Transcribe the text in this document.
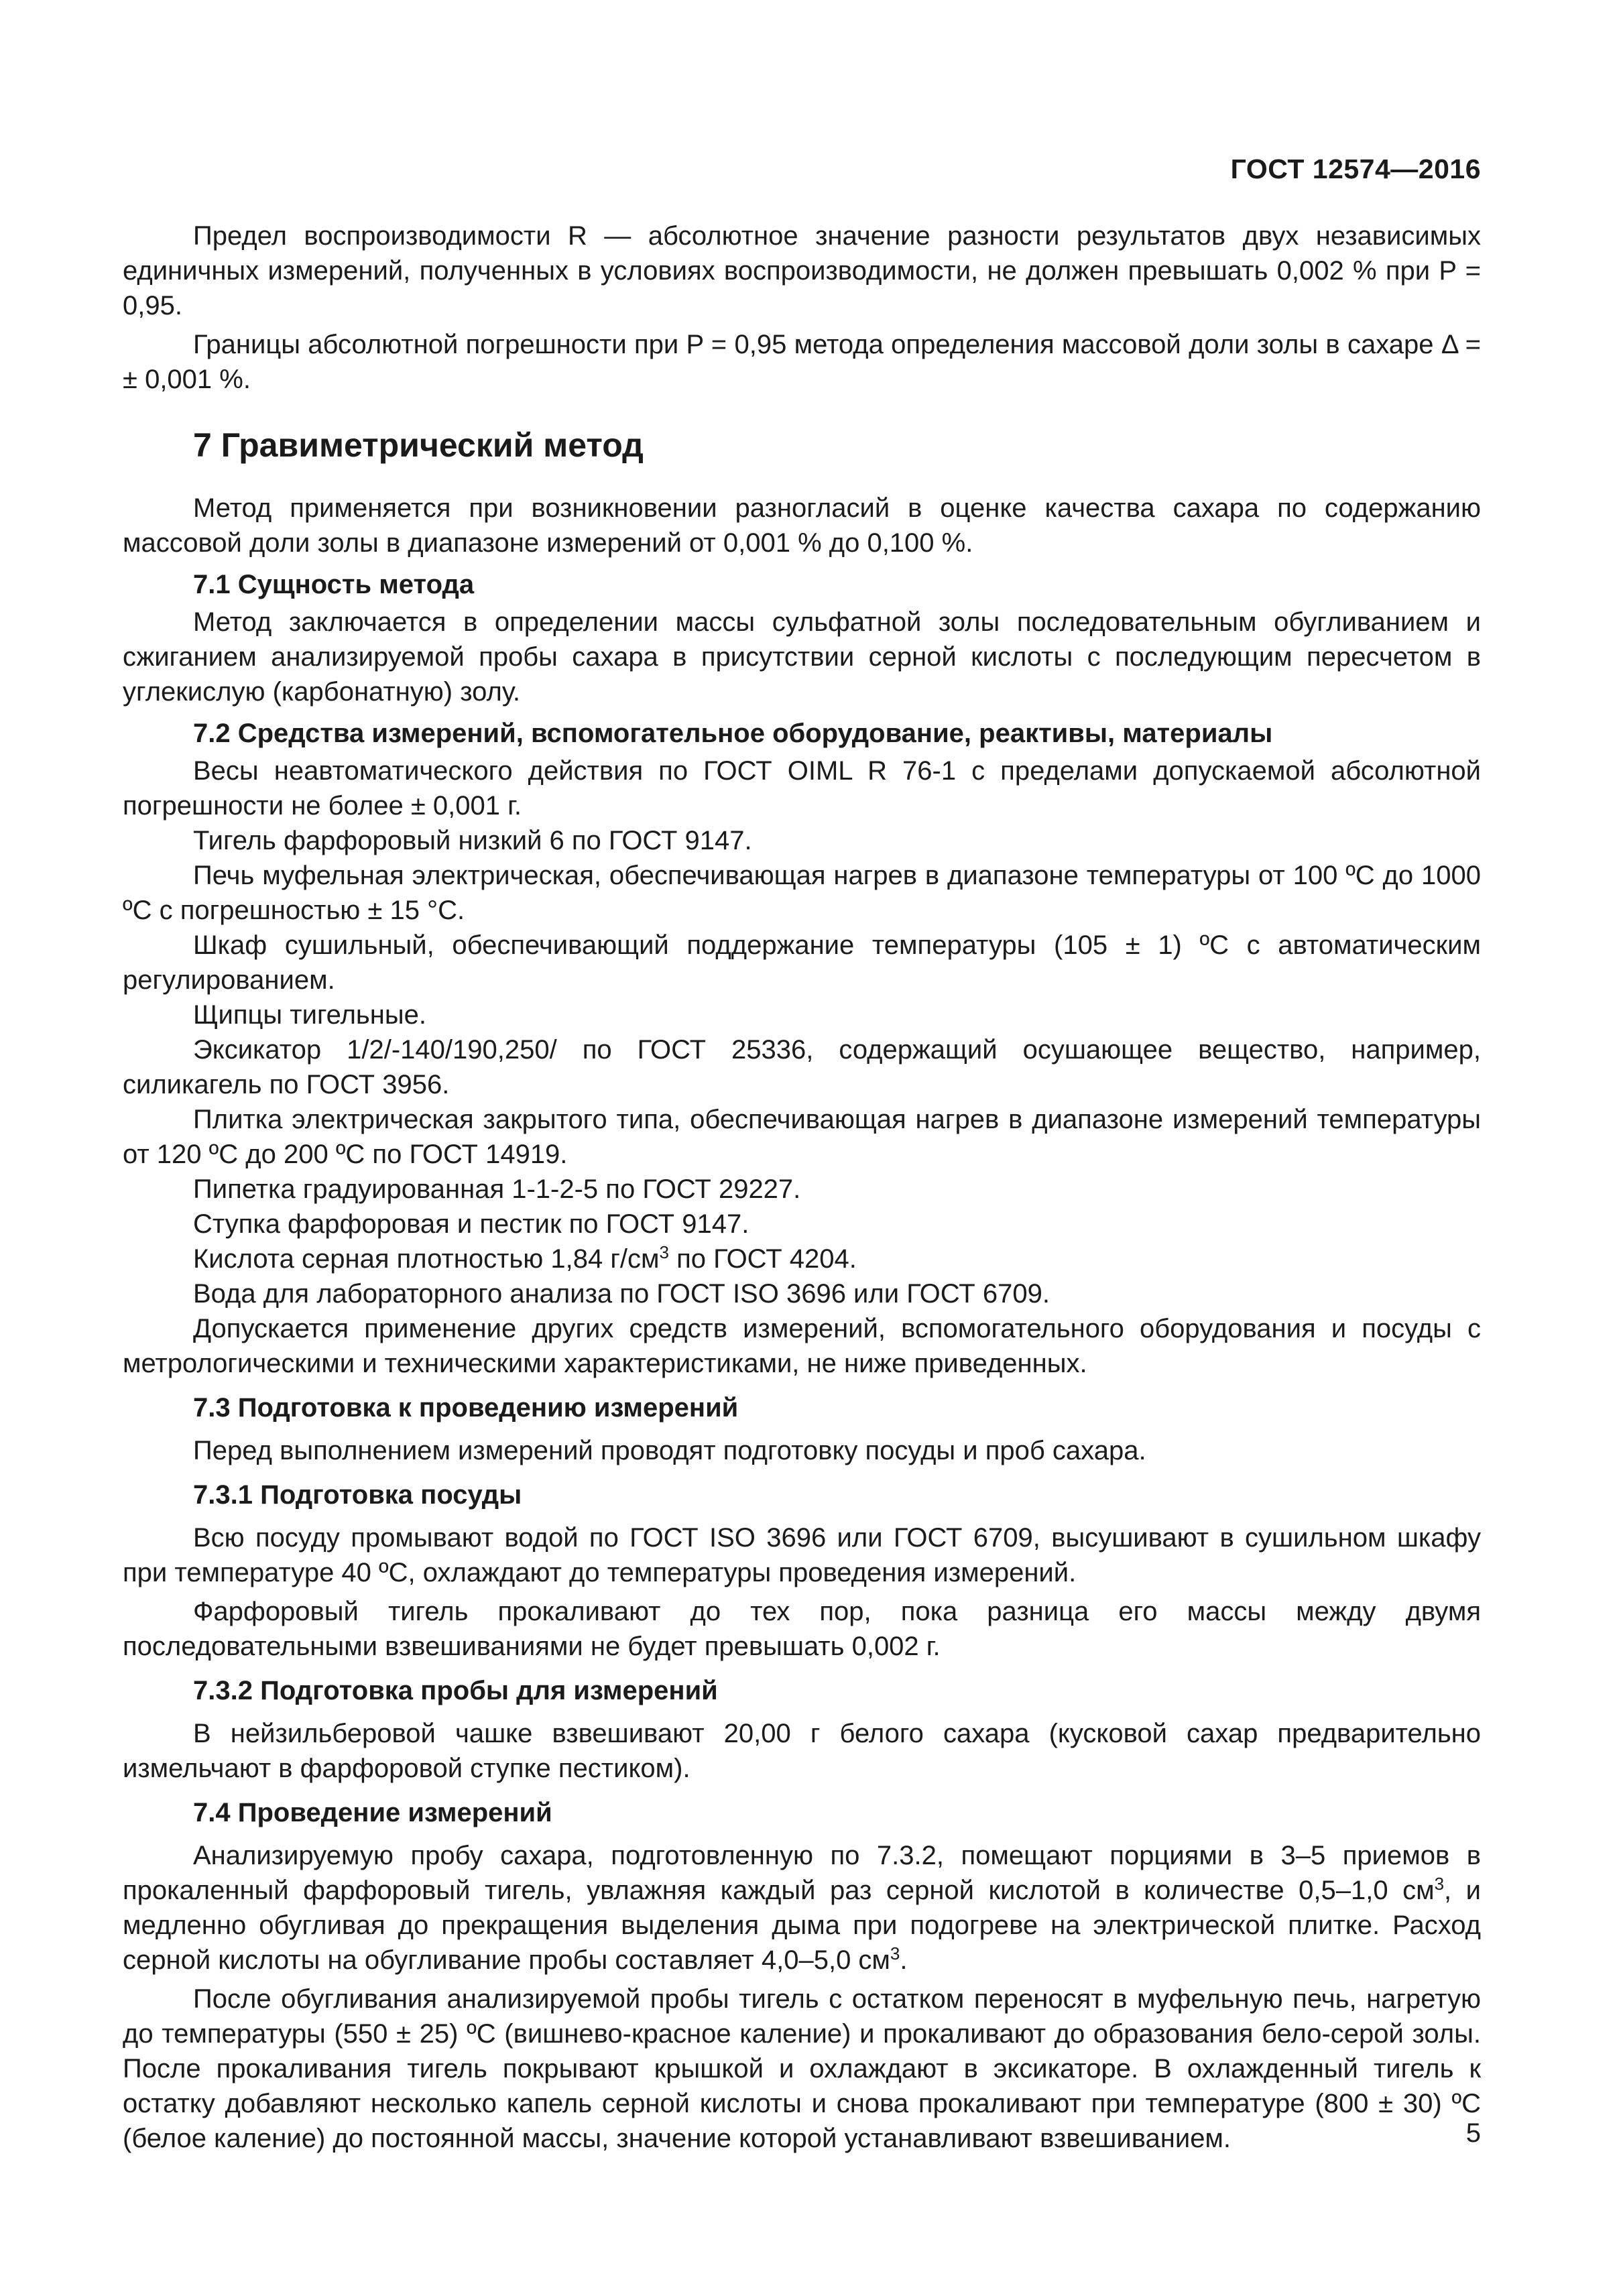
ГОСТ 12574—2016

Предел воспроизводимости R — абсолютное значение разности результатов двух независимых единичных измерений, полученных в условиях воспроизводимости, не должен превышать 0,002 % при P = 0,95.

Границы абсолютной погрешности при P = 0,95 метода определения массовой доли золы в сахаре Δ = ± 0,001 %.

7 Гравиметрический метод

Метод применяется при возникновении разногласий в оценке качества сахара по содержанию массовой доли золы в диапазоне измерений от 0,001 % до 0,100 %.

7.1 Сущность метода

Метод заключается в определении массы сульфатной золы последовательным обугливанием и сжиганием анализируемой пробы сахара в присутствии серной кислоты с последующим пересчетом в углекислую (карбонатную) золу.

7.2 Средства измерений, вспомогательное оборудование, реактивы, материалы

Весы неавтоматического действия по ГОСТ OIML R 76-1 с пределами допускаемой абсолютной погрешности не более ± 0,001 г.

Тигель фарфоровый низкий 6 по ГОСТ 9147.

Печь муфельная электрическая, обеспечивающая нагрев в диапазоне температуры от 100 ºС до 1000 ºС с погрешностью ± 15 °С.

Шкаф сушильный, обеспечивающий поддержание температуры (105 ± 1) ºС с автоматическим регулированием.

Щипцы тигельные.

Эксикатор 1/2/-140/190,250/ по ГОСТ 25336, содержащий осушающее вещество, например, силикагель по ГОСТ 3956.

Плитка электрическая закрытого типа, обеспечивающая нагрев в диапазоне измерений температуры от 120 ºС до 200 ºС по ГОСТ 14919.

Пипетка градуированная 1-1-2-5 по ГОСТ 29227.

Ступка фарфоровая и пестик по ГОСТ 9147.

Кислота серная плотностью 1,84 $г/см^3$ по ГОСТ 4204.

Вода для лабораторного анализа по ГОСТ ISO 3696 или ГОСТ 6709.

Допускается применение других средств измерений, вспомогательного оборудования и посуды с метрологическими и техническими характеристиками, не ниже приведенных.

7.3 Подготовка к проведению измерений

Перед выполнением измерений проводят подготовку посуды и проб сахара.

7.3.1 Подготовка посуды

Всю посуду промывают водой по ГОСТ ISO 3696 или ГОСТ 6709, высушивают в сушильном шкафу при температуре 40 ºС, охлаждают до температуры проведения измерений.

Фарфоровый тигель прокаливают до тех пор, пока разница его массы между двумя последовательными взвешиваниями не будет превышать 0,002 г.

7.3.2 Подготовка пробы для измерений

В нейзильберовой чашке взвешивают 20,00 г белого сахара (кусковой сахар предварительно измельчают в фарфоровой ступке пестиком).

7.4 Проведение измерений

Анализируемую пробу сахара, подготовленную по 7.3.2, помещают порциями в 3–5 приемов в прокаленный фарфоровый тигель, увлажняя каждый раз серной кислотой в количестве 0,5–1,0 $см^3$, и медленно обугливая до прекращения выделения дыма при подогреве на электрической плитке. Расход серной кислоты на обугливание пробы составляет 4,0–5,0 $см^3$.

После обугливания анализируемой пробы тигель с остатком переносят в муфельную печь, нагретую до температуры (550 ± 25) ºС (вишнево-красное каление) и прокаливают до образования бело-серой золы. После прокаливания тигель покрывают крышкой и охлаждают в эксикаторе. В охлажденный тигель к остатку добавляют несколько капель серной кислоты и снова прокаливают при температуре (800 ± 30) ºС (белое каление) до постоянной массы, значение которой устанавливают взвешиванием.	5
